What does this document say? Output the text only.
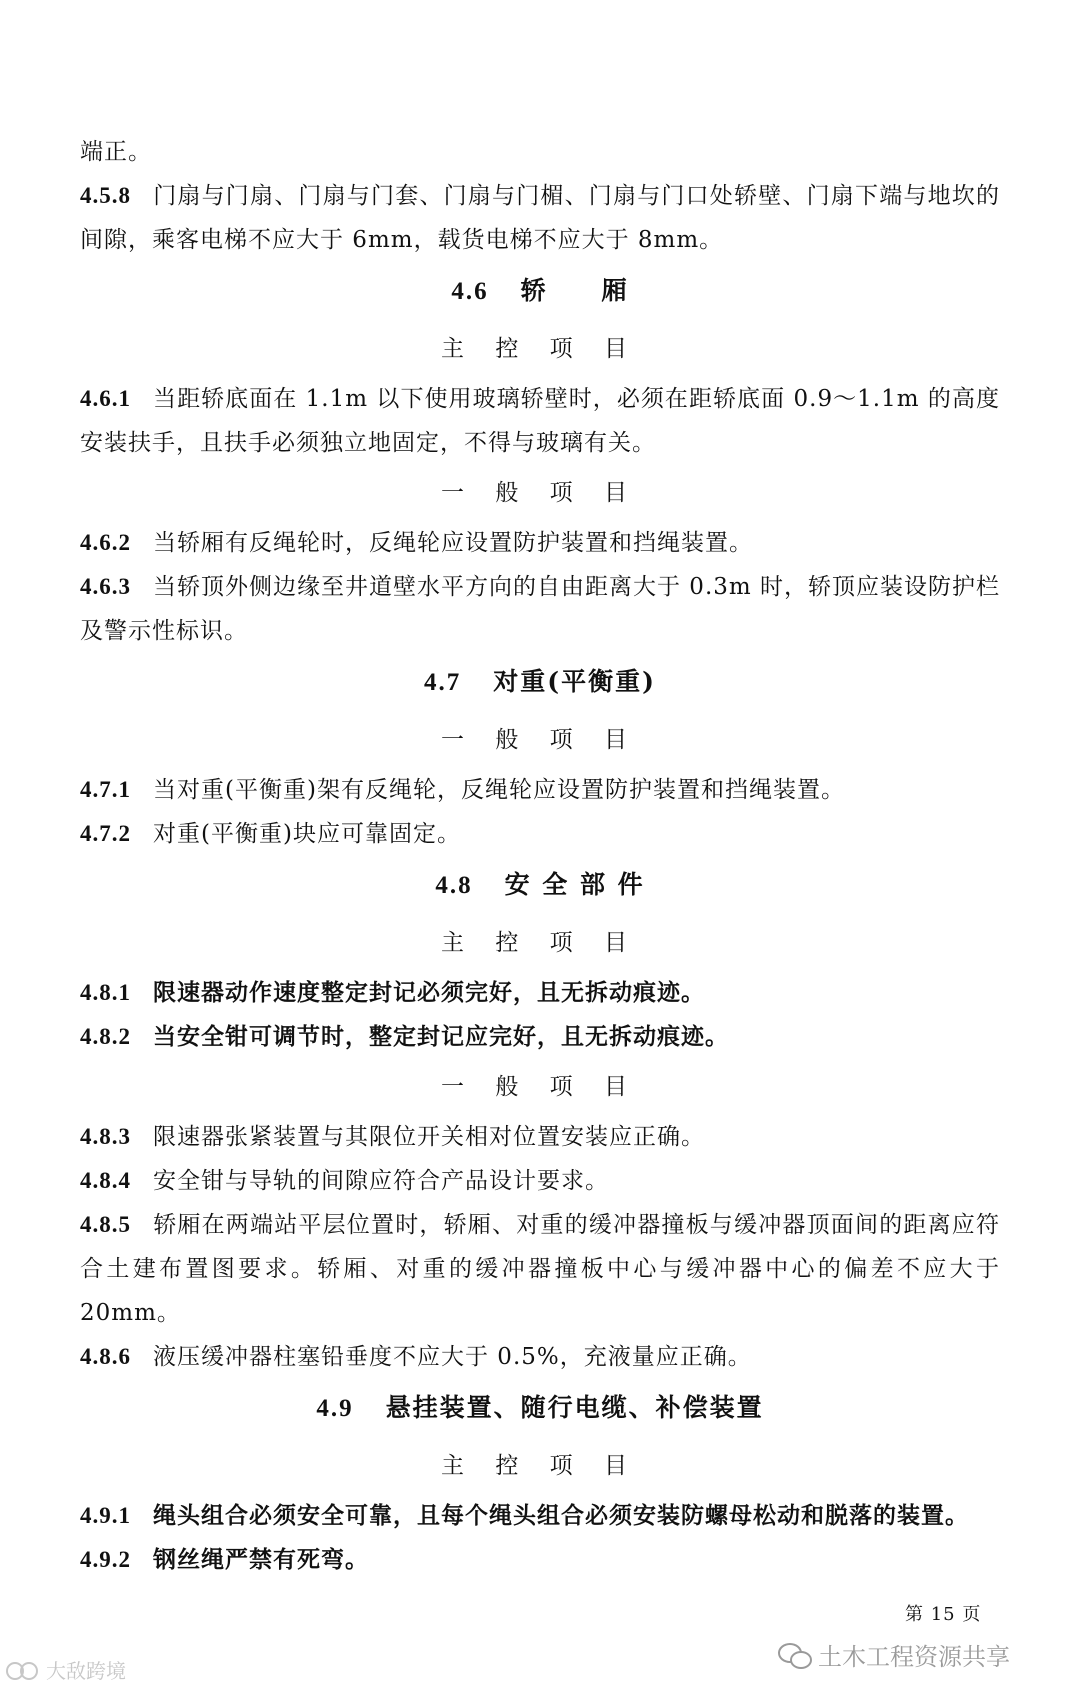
端正。

4.5.8 门扇与门扇、门扇与门套、门扇与门楣、门扇与门口处轿壁、门扇下端与地坎的间隙，乘客电梯不应大于 6mm，载货电梯不应大于 8mm。

4.6 轿　　厢

主 控 项 目

4.6.1 当距轿底面在 1.1m 以下使用玻璃轿壁时，必须在距轿底面 0.9～1.1m 的高度安装扶手，且扶手必须独立地固定，不得与玻璃有关。

一 般 项 目

4.6.2 当轿厢有反绳轮时，反绳轮应设置防护装置和挡绳装置。

4.6.3 当轿顶外侧边缘至井道壁水平方向的自由距离大于 0.3m 时，轿顶应装设防护栏及警示性标识。

4.7 对重(平衡重)

一 般 项 目

4.7.1 当对重(平衡重)架有反绳轮，反绳轮应设置防护装置和挡绳装置。

4.7.2 对重(平衡重)块应可靠固定。

4.8 安 全 部 件

主 控 项 目

4.8.1 限速器动作速度整定封记必须完好，且无拆动痕迹。

4.8.2 当安全钳可调节时，整定封记应完好，且无拆动痕迹。

一 般 项 目

4.8.3 限速器张紧装置与其限位开关相对位置安装应正确。

4.8.4 安全钳与导轨的间隙应符合产品设计要求。

4.8.5 轿厢在两端站平层位置时，轿厢、对重的缓冲器撞板与缓冲器顶面间的距离应符合土建布置图要求。轿厢、对重的缓冲器撞板中心与缓冲器中心的偏差不应大于 20mm。

4.8.6 液压缓冲器柱塞铅垂度不应大于 0.5%，充液量应正确。

4.9 悬挂装置、随行电缆、补偿装置

主 控 项 目

4.9.1 绳头组合必须安全可靠，且每个绳头组合必须安装防螺母松动和脱落的装置。

4.9.2 钢丝绳严禁有死弯。

第 15 页
大敌跨境	土木工程资源共享
